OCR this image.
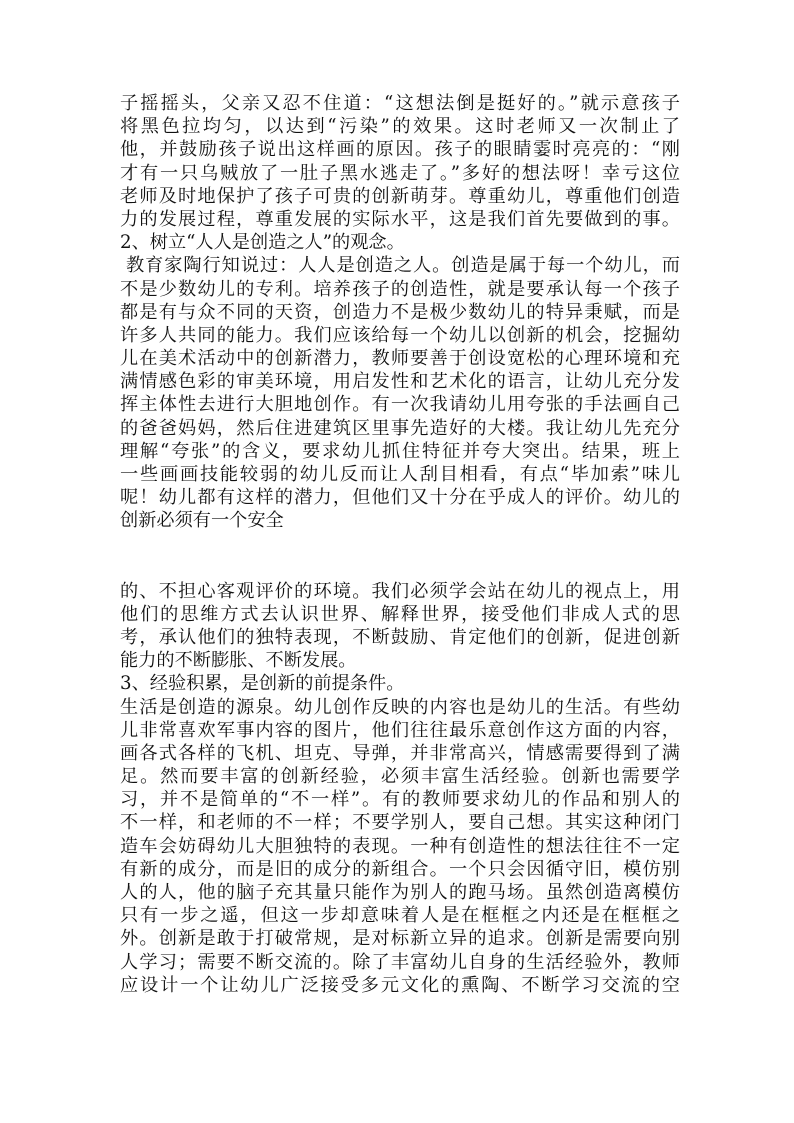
子摇摇头，父亲又忍不住道：“这想法倒是挺好的。”就示意孩子
将黑色拉均匀，以达到“污染”的效果。这时老师又一次制止了
他，并鼓励孩子说出这样画的原因。孩子的眼睛霎时亮亮的：“刚
才有一只乌贼放了一肚子黑水逃走了。”多好的想法呀！幸亏这位
老师及时地保护了孩子可贵的创新萌芽。尊重幼儿，尊重他们创造
力的发展过程，尊重发展的实际水平，这是我们首先要做到的事。
2、树立“人人是创造之人”的观念。
教育家陶行知说过：人人是创造之人。创造是属于每一个幼儿，而
不是少数幼儿的专利。培养孩子的创造性，就是要承认每一个孩子
都是有与众不同的天资，创造力不是极少数幼儿的特异秉赋，而是
许多人共同的能力。我们应该给每一个幼儿以创新的机会，挖掘幼
儿在美术活动中的创新潜力，教师要善于创设宽松的心理环境和充
满情感色彩的审美环境，用启发性和艺术化的语言，让幼儿充分发
挥主体性去进行大胆地创作。有一次我请幼儿用夸张的手法画自己
的爸爸妈妈，然后住进建筑区里事先造好的大楼。我让幼儿先充分
理解“夸张”的含义，要求幼儿抓住特征并夸大突出。结果，班上
一些画画技能较弱的幼儿反而让人刮目相看，有点“毕加索”味儿
呢！幼儿都有这样的潜力，但他们又十分在乎成人的评价。幼儿的
创新必须有一个安全
的、不担心客观评价的环境。我们必须学会站在幼儿的视点上，用
他们的思维方式去认识世界、解释世界，接受他们非成人式的思
考，承认他们的独特表现，不断鼓励、肯定他们的创新，促进创新
能力的不断膨胀、不断发展。
3、经验积累，是创新的前提条件。
生活是创造的源泉。幼儿创作反映的内容也是幼儿的生活。有些幼
儿非常喜欢军事内容的图片，他们往往最乐意创作这方面的内容，
画各式各样的飞机、坦克、导弹，并非常高兴，情感需要得到了满
足。然而要丰富的创新经验，必须丰富生活经验。创新也需要学
习，并不是简单的“不一样”。有的教师要求幼儿的作品和别人的
不一样，和老师的不一样；不要学别人，要自己想。其实这种闭门
造车会妨碍幼儿大胆独特的表现。一种有创造性的想法往往不一定
有新的成分，而是旧的成分的新组合。一个只会因循守旧，模仿别
人的人，他的脑子充其量只能作为别人的跑马场。虽然创造离模仿
只有一步之遥，但这一步却意味着人是在框框之内还是在框框之
外。创新是敢于打破常规，是对标新立异的追求。创新是需要向别
人学习；需要不断交流的。除了丰富幼儿自身的生活经验外，教师
应设计一个让幼儿广泛接受多元文化的熏陶、不断学习交流的空
